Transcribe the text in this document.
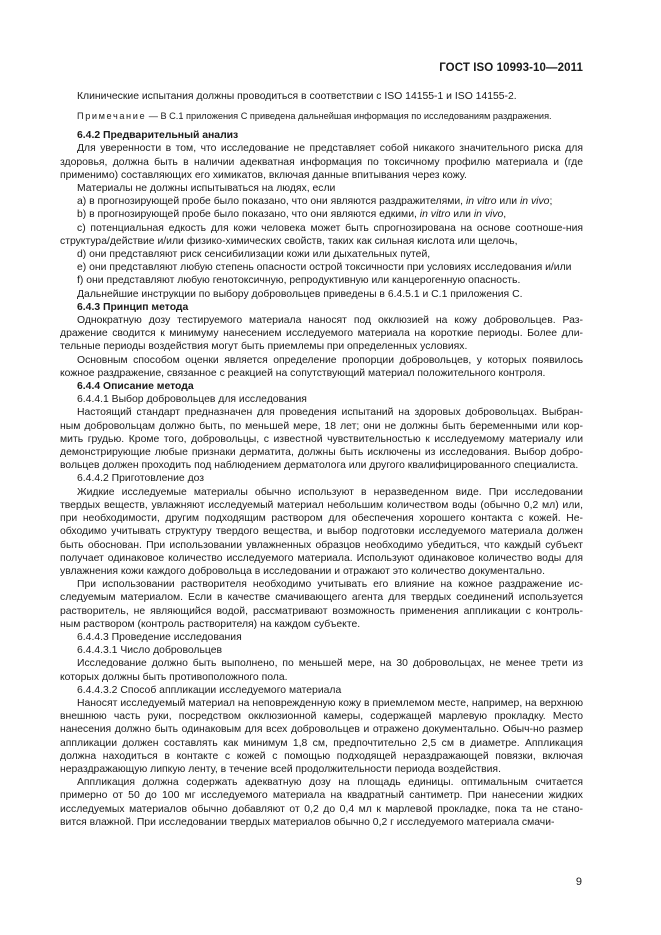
ГОСТ ISO 10993-10—2011

Клинические испытания должны проводиться в соответствии с ISO 14155-1 и ISO 14155-2.

Примечание — В С.1 приложения С приведена дальнейшая информация по исследованиям раздражения.

6.4.2 Предварительный анализ

Для уверенности в том, что исследование не представляет собой никакого значительного риска для здоровья, должна быть в наличии адекватная информация по токсичному профилю материала и (где применимо) составляющих его химикатов, включая данные впитывания через кожу.

Материалы не должны испытываться на людях, если

а) в прогнозирующей пробе было показано, что они являются раздражителями, in vitro или in vivo;

b) в прогнозирующей пробе было показано, что они являются едкими, in vitro или in vivo,

с) потенциальная едкость для кожи человека может быть спрогнозирована на основе соотноше-ния структура/действие и/или физико-химических свойств, таких как сильная кислота или щелочь,

d) они представляют риск сенсибилизации кожи или дыхательных путей,

е) они представляют любую степень опасности острой токсичности при условиях исследования и/или

f) они представляют любую генотоксичную, репродуктивную или канцерогенную опасность.

Дальнейшие инструкции по выбору добровольцев приведены в 6.4.5.1 и С.1 приложения С.

6.4.3 Принцип метода

Однократную дозу тестируемого материала наносят под окклюзией на кожу добровольцев. Раз-дражение сводится к минимуму нанесением исследуемого материала на короткие периоды. Более дли-тельные периоды воздействия могут быть приемлемы при определенных условиях.

Основным способом оценки является определение пропорции добровольцев, у которых появилось кожное раздражение, связанное с реакцией на сопутствующий материал положительного контроля.

6.4.4 Описание метода

6.4.4.1 Выбор добровольцев для исследования

Настоящий стандарт предназначен для проведения испытаний на здоровых добровольцах. Выбран-ным добровольцам должно быть, по меньшей мере, 18 лет; они не должны быть беременными или кор-мить грудью. Кроме того, добровольцы, с известной чувствительностью к исследуемому материалу или демонстрирующие любые признаки дерматита, должны быть исключены из исследования. Выбор добро-вольцев должен проходить под наблюдением дерматолога или другого квалифицированного специалиста.

6.4.4.2 Приготовление доз

Жидкие исследуемые материалы обычно используют в неразведенном виде. При исследовании твердых веществ, увлажняют исследуемый материал небольшим количеством воды (обычно 0,2 мл) или, при необходимости, другим подходящим раствором для обеспечения хорошего контакта с кожей. Не-обходимо учитывать структуру твердого вещества, и выбор подготовки исследуемого материала должен быть обоснован. При использовании увлажненных образцов необходимо убедиться, что каждый субъект получает одинаковое количество исследуемого материала. Используют одинаковое количество воды для увлажнения кожи каждого добровольца в исследовании и отражают это количество документально.

При использовании растворителя необходимо учитывать его влияние на кожное раздражение ис-следуемым материалом. Если в качестве смачивающего агента для твердых соединений используется растворитель, не являющийся водой, рассматривают возможность применения аппликации с контроль-ным раствором (контроль растворителя) на каждом субъекте.

6.4.4.3 Проведение исследования

6.4.4.3.1 Число добровольцев

Исследование должно быть выполнено, по меньшей мере, на 30 добровольцах, не менее трети из которых должны быть противоположного пола.

6.4.4.3.2 Способ аппликации исследуемого материала

Наносят исследуемый материал на неповрежденную кожу в приемлемом месте, например, на верхнюю внешнюю часть руки, посредством окклюзионной камеры, содержащей марлевую прокладку. Место нанесения должно быть одинаковым для всех добровольцев и отражено документально. Обыч-но размер аппликации должен составлять как минимум 1,8 см, предпочтительно 2,5 см в диаметре. Аппликация должна находиться в контакте с кожей с помощью подходящей нераздражающей повязки, включая нераздражающую липкую ленту, в течение всей продолжительности периода воздействия.

Аппликация должна содержать адекватную дозу на площадь единицы. оптимальным считается примерно от 50 до 100 мг исследуемого материала на квадратный сантиметр. При нанесении жидких исследуемых материалов обычно добавляют от 0,2 до 0,4 мл к марлевой прокладке, пока та не стано-вится влажной. При исследовании твердых материалов обычно 0,2 г исследуемого материала смачи-

9
